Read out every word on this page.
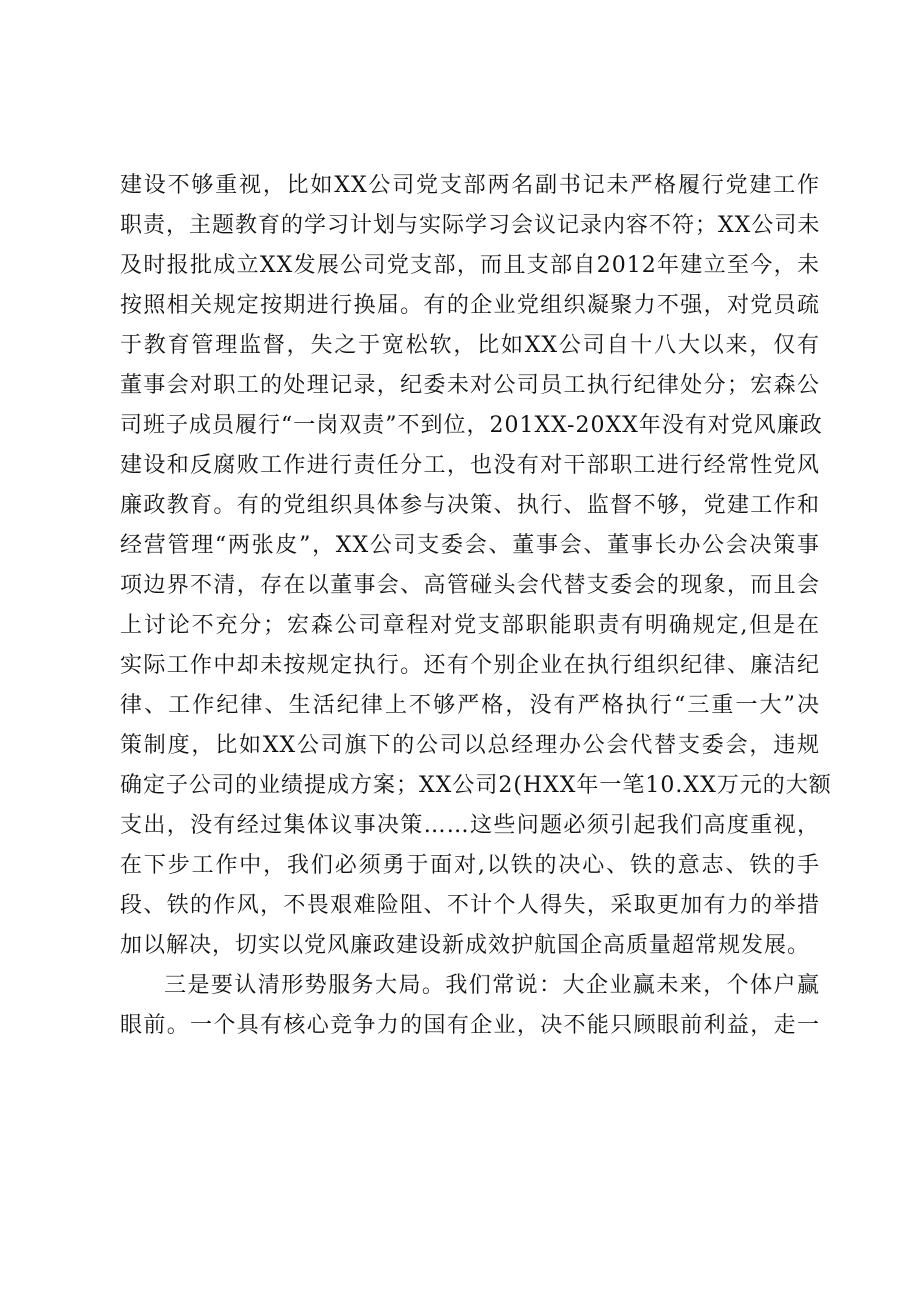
建设不够重视，比如XX公司党支部两名副书记未严格履行党建工作
职责，主题教育的学习计划与实际学习会议记录内容不符；XX公司未
及时报批成立XX发展公司党支部，而且支部自2012年建立至今，未
按照相关规定按期进行换届。有的企业党组织凝聚力不强，对党员疏
于教育管理监督，失之于宽松软，比如XX公司自十八大以来，仅有
董事会对职工的处理记录，纪委未对公司员工执行纪律处分；宏森公
司班子成员履行“一岗双责”不到位，201XX-20XX年没有对党风廉政
建设和反腐败工作进行责任分工，也没有对干部职工进行经常性党风
廉政教育。有的党组织具体参与决策、执行、监督不够，党建工作和
经营管理“两张皮”，XX公司支委会、董事会、董事长办公会决策事
项边界不清，存在以董事会、高管碰头会代替支委会的现象，而且会
上讨论不充分；宏森公司章程对党支部职能职责有明确规定,但是在
实际工作中却未按规定执行。还有个别企业在执行组织纪律、廉洁纪
律、工作纪律、生活纪律上不够严格，没有严格执行“三重一大”决
策制度，比如XX公司旗下的公司以总经理办公会代替支委会，违规
确定子公司的业绩提成方案；XX公司2(HXX年一笔10.XX万元的大额
支出，没有经过集体议事决策……这些问题必须引起我们高度重视，
在下步工作中，我们必须勇于面对,以铁的决心、铁的意志、铁的手
段、铁的作风，不畏艰难险阻、不计个人得失，采取更加有力的举措
加以解决，切实以党风廉政建设新成效护航国企高质量超常规发展。
三是要认清形势服务大局。我们常说：大企业赢未来，个体户赢
眼前。一个具有核心竞争力的国有企业，决不能只顾眼前利益，走一
